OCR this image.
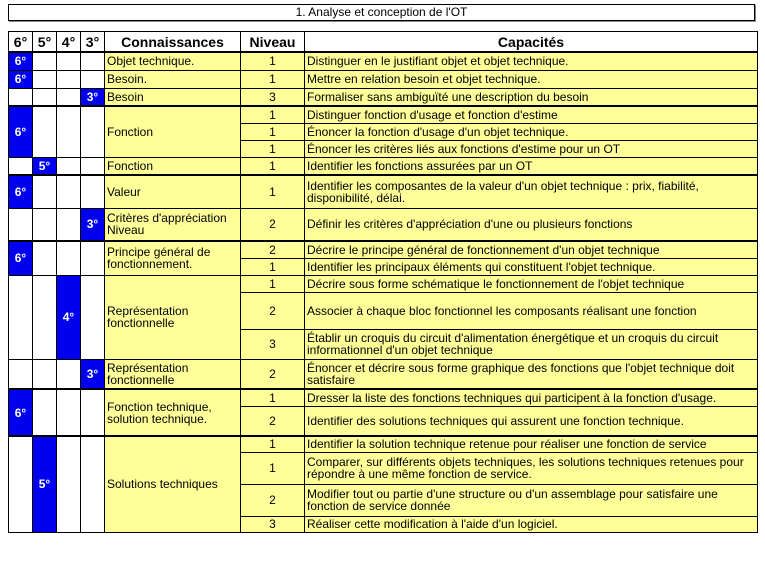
1. Analyse et conception de l'OT
6°	5°	4°	3°	Connaissances	Niveau	Capacités
6°				Objet technique.	1	Distinguer en le justifiant objet et objet technique.
6°				Besoin.	1	Mettre en relation besoin et objet technique.
			3°	Besoin	3	Formaliser sans ambiguïté une description du besoin
6°				Fonction	1	Distinguer fonction d'usage et fonction d'estime
					1	Énoncer la fonction d'usage d'un objet technique.
					1	Énoncer les critères liés aux fonctions d'estime pour un OT
	5°			Fonction	1	Identifier les fonctions assurées par un OT
6°				Valeur	1	Identifier les composantes de la valeur d'un objet technique : prix, fiabilité, disponibilité, délai.
			3°	Critères d'appréciation Niveau	2	Définir les critères d'appréciation d'une ou plusieurs fonctions
6°				Principe général de fonctionnement.	2	Décrire le principe général de fonctionnement d'un objet technique
					1	Identifier les principaux éléments qui constituent l'objet technique.
		4°		Représentation fonctionnelle	1	Décrire sous forme schématique le fonctionnement de l'objet technique
					2	Associer à chaque bloc fonctionnel les composants réalisant une fonction
					3	Établir un croquis du circuit d'alimentation énergétique et un croquis du circuit informationnel d'un objet technique
			3°	Représentation fonctionnelle	2	Énoncer et décrire sous forme graphique des fonctions que l'objet technique doit satisfaire
6°				Fonction technique, solution technique.	1	Dresser la liste des fonctions techniques qui participent à la fonction d'usage.
					2	Identifier des solutions techniques qui assurent une fonction technique.
	5°			Solutions techniques	1	Identifier la solution technique retenue pour réaliser une fonction de service
					1	Comparer, sur différents objets techniques, les solutions techniques retenues pour répondre à une même fonction de service.
					2	Modifier tout ou partie d'une structure ou d'un assemblage pour satisfaire une fonction de service donnée
					3	Réaliser cette modification à l'aide d'un logiciel.
